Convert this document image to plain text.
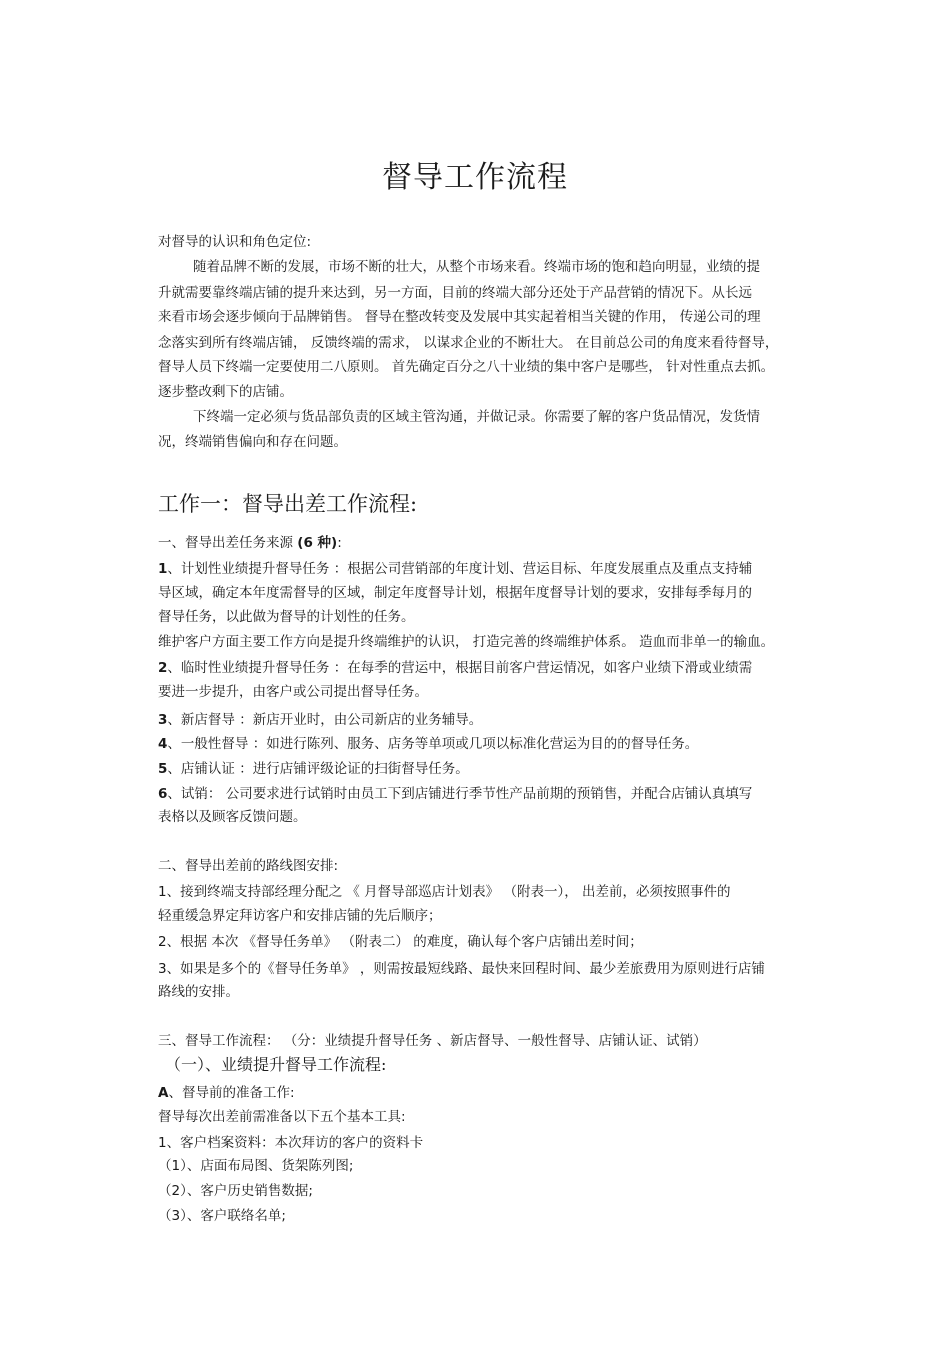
督导工作流程
对督导的认识和角色定位:
随着品牌不断的发展，市场不断的壮大，从整个市场来看。终端市场的饱和趋向明显，业绩的提
升就需要靠终端店铺的提升来达到，另一方面，目前的终端大部分还处于产品营销的情况下。从长远
来看市场会逐步倾向于品牌销售。 督导在整改转变及发展中其实起着相当关键的作用， 传递公司的理
念落实到所有终端店铺， 反馈终端的需求， 以谋求企业的不断壮大。 在目前总公司的角度来看待督导，
督导人员下终端一定要使用二八原则。 首先确定百分之八十业绩的集中客户是哪些， 针对性重点去抓。
逐步整改剩下的店铺。
下终端一定必须与货品部负责的区域主管沟通，并做记录。你需要了解的客户货品情况，发货情
况，终端销售偏向和存在问题。
工作一：督导出差工作流程:
一、督导出差任务来源 (6 种):
1、计划性业绩提升督导任务 ：根据公司营销部的年度计划、营运目标、年度发展重点及重点支持辅
导区域，确定本年度需督导的区域，制定年度督导计划，根据年度督导计划的要求，安排每季每月的
督导任务，以此做为督导的计划性的任务。
维护客户方面主要工作方向是提升终端维护的认识， 打造完善的终端维护体系。 造血而非单一的输血。
2、临时性业绩提升督导任务 ：在每季的营运中，根据目前客户营运情况，如客户业绩下滑或业绩需
要进一步提升，由客户或公司提出督导任务。
3、新店督导 ：新店开业时，由公司新店的业务辅导。
4、一般性督导 ：如进行陈列、服务、店务等单项或几项以标准化营运为目的的督导任务。
5、店铺认证 ：进行店铺评级论证的扫街督导任务。
6、试销： 公司要求进行试销时由员工下到店铺进行季节性产品前期的预销售，并配合店铺认真填写
表格以及顾客反馈问题。
二、督导出差前的路线图安排:
1、接到终端支持部经理分配之 《 月督导部巡店计划表》 （附表一）， 出差前，必须按照事件的
轻重缓急界定拜访客户和安排店铺的先后顺序；
2、根据 本次 《督导任务单》 （附表二） 的难度，确认每个客户店铺出差时间；
3、如果是多个的《督导任务单》 ，则需按最短线路、最快来回程时间、最少差旅费用为原则进行店铺
路线的安排。
三、督导工作流程： （分：业绩提升督导任务 、新店督导、一般性督导、店铺认证、试销）
（一）、业绩提升督导工作流程:
A、督导前的准备工作:
督导每次出差前需准备以下五个基本工具:
1、客户档案资料：本次拜访的客户的资料卡
（1）、店面布局图、货架陈列图;
（2）、客户历史销售数据;
（3）、客户联络名单;
